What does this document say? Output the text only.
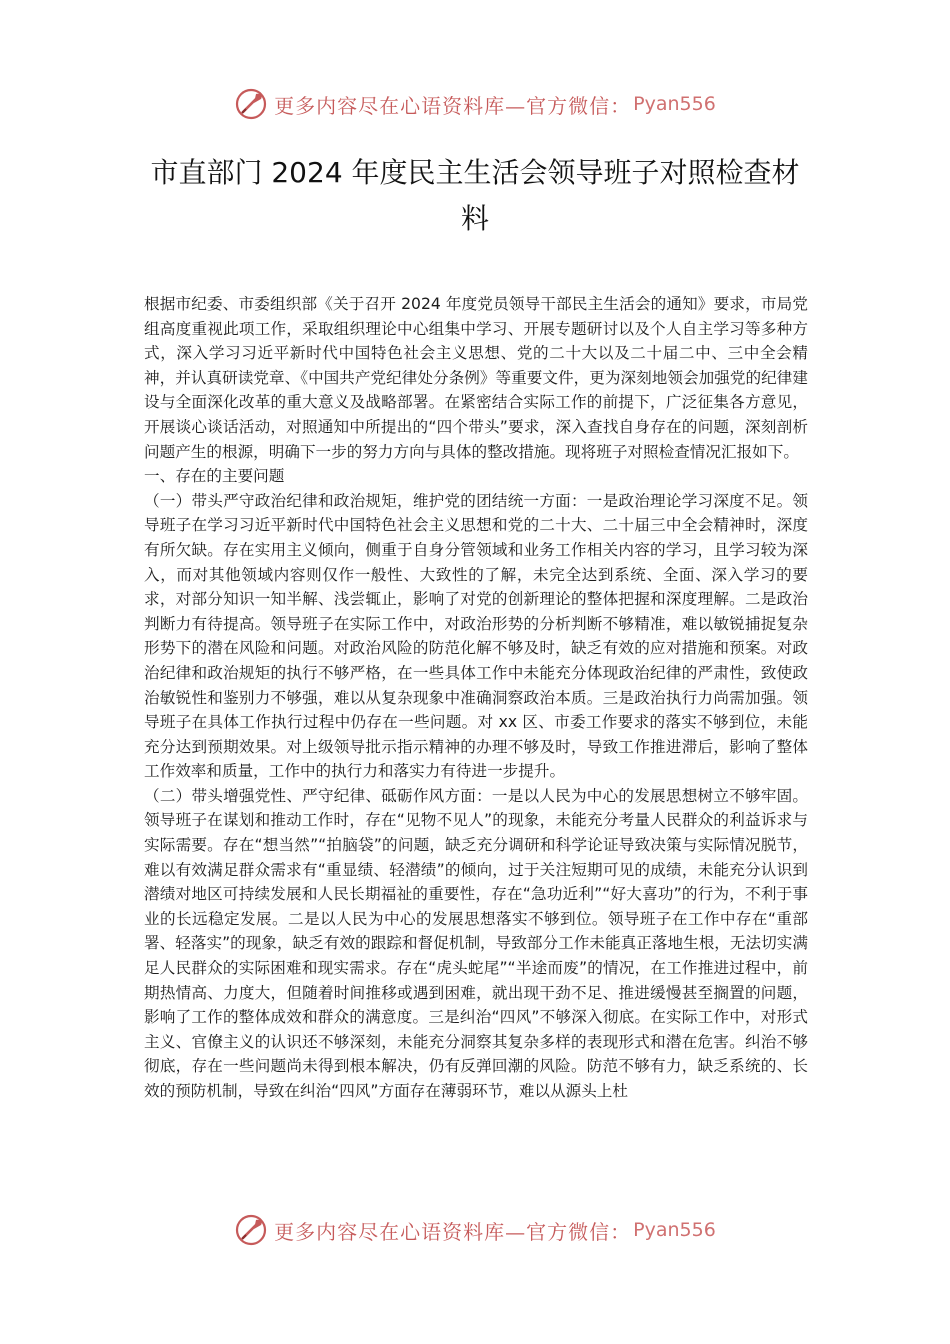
更多内容尽在心语资料库—官方微信： Pyan556
市直部门 2024 年度民主生活会领导班子对照检查材料

根据市纪委、市委组织部《关于召开 2024 年度党员领导干部民主生活会的通知》要求，市局党组高度重视此项工作，采取组织理论中心组集中学习、开展专题研讨以及个人自主学习等多种方式，深入学习习近平新时代中国特色社会主义思想、党的二十大以及二十届二中、三中全会精神，并认真研读党章、《中国共产党纪律处分条例》等重要文件，更为深刻地领会加强党的纪律建设与全面深化改革的重大意义及战略部署。在紧密结合实际工作的前提下，广泛征集各方意见，开展谈心谈话活动，对照通知中所提出的“四个带头”要求，深入查找自身存在的问题，深刻剖析问题产生的根源，明确下一步的努力方向与具体的整改措施。现将班子对照检查情况汇报如下。

一、存在的主要问题

（一）带头严守政治纪律和政治规矩，维护党的团结统一方面：一是政治理论学习深度不足。领导班子在学习习近平新时代中国特色社会主义思想和党的二十大、二十届三中全会精神时，深度有所欠缺。存在实用主义倾向，侧重于自身分管领域和业务工作相关内容的学习，且学习较为深入，而对其他领域内容则仅作一般性、大致性的了解，未完全达到系统、全面、深入学习的要求，对部分知识一知半解、浅尝辄止，影响了对党的创新理论的整体把握和深度理解。二是政治判断力有待提高。领导班子在实际工作中，对政治形势的分析判断不够精准，难以敏锐捕捉复杂形势下的潜在风险和问题。对政治风险的防范化解不够及时，缺乏有效的应对措施和预案。对政治纪律和政治规矩的执行不够严格，在一些具体工作中未能充分体现政治纪律的严肃性，致使政治敏锐性和鉴别力不够强，难以从复杂现象中准确洞察政治本质。三是政治执行力尚需加强。领导班子在具体工作执行过程中仍存在一些问题。对 xx 区、市委工作要求的落实不够到位，未能充分达到预期效果。对上级领导批示指示精神的办理不够及时，导致工作推进滞后，影响了整体工作效率和质量，工作中的执行力和落实力有待进一步提升。

（二）带头增强党性、严守纪律、砥砺作风方面：一是以人民为中心的发展思想树立不够牢固。领导班子在谋划和推动工作时，存在“见物不见人”的现象，未能充分考量人民群众的利益诉求与实际需要。存在“想当然”“拍脑袋”的问题，缺乏充分调研和科学论证导致决策与实际情况脱节，难以有效满足群众需求有“重显绩、轻潜绩”的倾向，过于关注短期可见的成绩，未能充分认识到潜绩对地区可持续发展和人民长期福祉的重要性，存在“急功近利”“好大喜功”的行为，不利于事业的长远稳定发展。二是以人民为中心的发展思想落实不够到位。领导班子在工作中存在“重部署、轻落实”的现象，缺乏有效的跟踪和督促机制，导致部分工作未能真正落地生根，无法切实满足人民群众的实际困难和现实需求。存在“虎头蛇尾”“半途而废”的情况，在工作推进过程中，前期热情高、力度大，但随着时间推移或遇到困难，就出现干劲不足、推进缓慢甚至搁置的问题，影响了工作的整体成效和群众的满意度。三是纠治“四风”不够深入彻底。在实际工作中，对形式主义、官僚主义的认识还不够深刻，未能充分洞察其复杂多样的表现形式和潜在危害。纠治不够彻底，存在一些问题尚未得到根本解决，仍有反弹回潮的风险。防范不够有力，缺乏系统的、长效的预防机制，导致在纠治“四风”方面存在薄弱环节，难以从源头上杜

更多内容尽在心语资料库—官方微信： Pyan556
